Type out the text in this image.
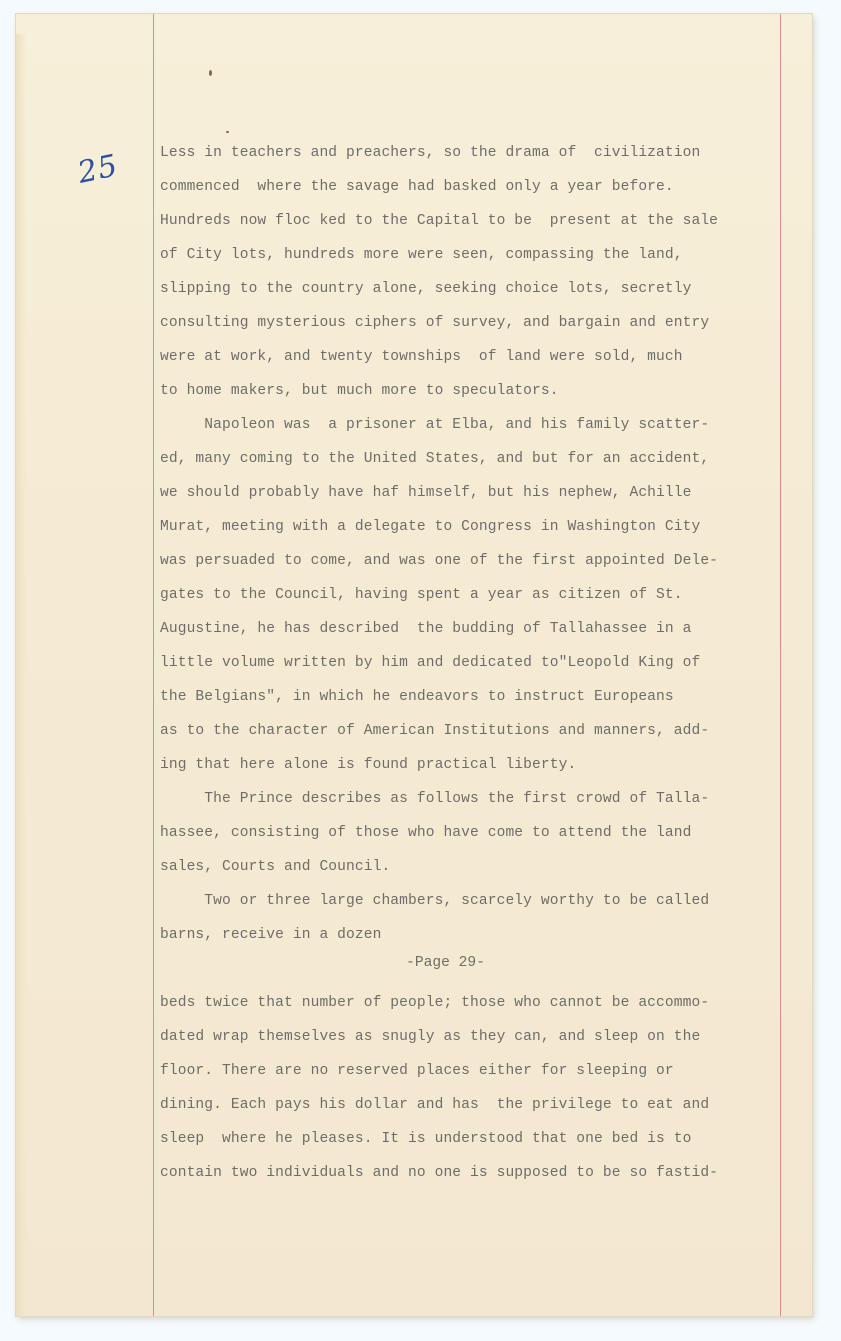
25	Less in teachers and preachers, so the drama of  civilization
commenced  where the savage had basked only a year before.
Hundreds now floc ked to the Capital to be  present at the sale
of City lots, hundreds more were seen, compassing the land,
slipping to the country alone, seeking choice lots, secretly
consulting mysterious ciphers of survey, and bargain and entry
were at work, and twenty townships  of land were sold, much
to home makers, but much more to speculators.
Napoleon was  a prisoner at Elba, and his family scatter-
ed, many coming to the United States, and but for an accident,
we should probably have haf himself, but his nephew, Achille
Murat, meeting with a delegate to Congress in Washington City
was persuaded to come, and was one of the first appointed Dele-
gates to the Council, having spent a year as citizen of St.
Augustine, he has described  the budding of Tallahassee in a
little volume written by him and dedicated to"Leopold King of
the Belgians", in which he endeavors to instruct Europeans
as to the character of American Institutions and manners, add-
ing that here alone is found practical liberty.
The Prince describes as follows the first crowd of Talla-
hassee, consisting of those who have come to attend the land
sales, Courts and Council.
Two or three large chambers, scarcely worthy to be called
barns, receive in a dozen
-Page 29-
beds twice that number of people; those who cannot be accommo-
dated wrap themselves as snugly as they can, and sleep on the
floor. There are no reserved places either for sleeping or
dining. Each pays his dollar and has  the privilege to eat and
sleep  where he pleases. It is understood that one bed is to
contain two individuals and no one is supposed to be so fastid-
